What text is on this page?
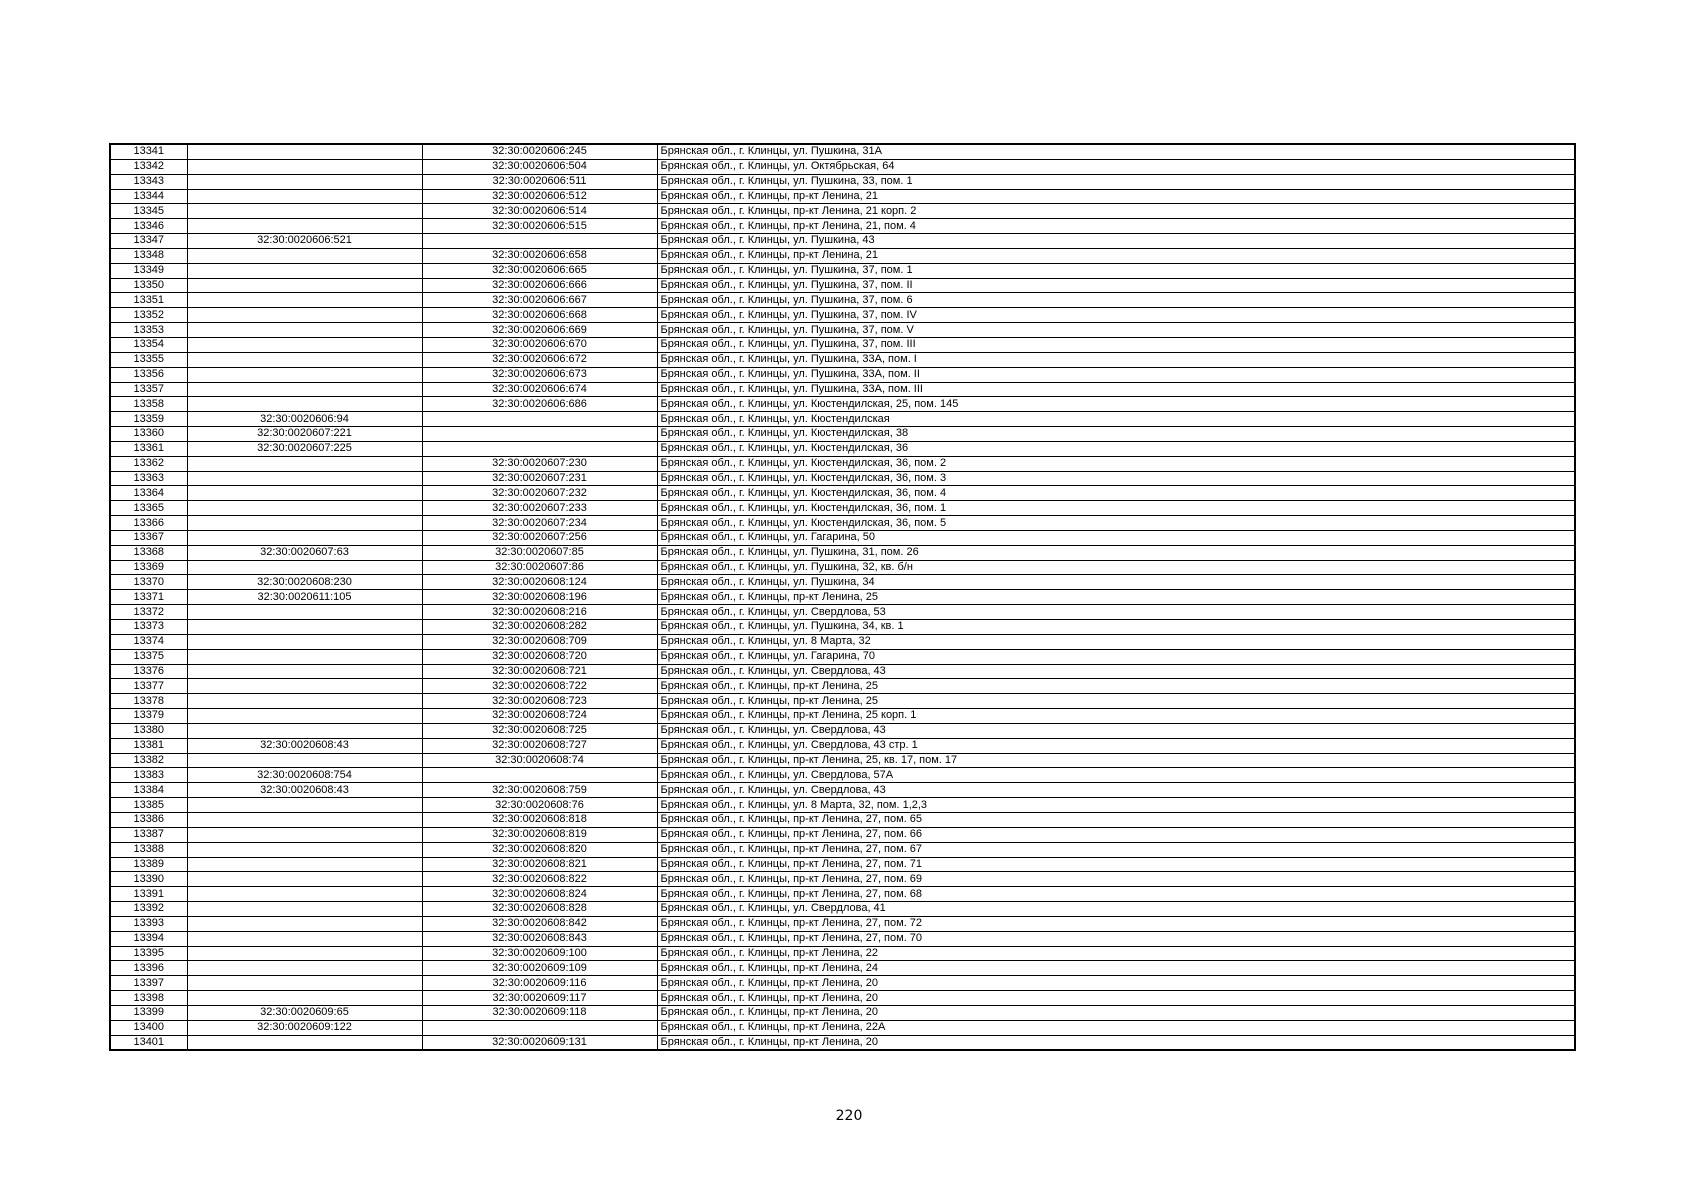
13341		32:30:0020606:245	Брянская обл., г. Клинцы, ул. Пушкина, 31А
13342		32:30:0020606:504	Брянская обл., г. Клинцы, ул. Октябрьская, 64
13343		32:30:0020606:511	Брянская обл., г. Клинцы, ул. Пушкина, 33, пом. 1
13344		32:30:0020606:512	Брянская обл., г. Клинцы, пр-кт Ленина, 21
13345		32:30:0020606:514	Брянская обл., г. Клинцы, пр-кт Ленина, 21 корп. 2
13346		32:30:0020606:515	Брянская обл., г. Клинцы, пр-кт Ленина, 21, пом. 4
13347	32:30:0020606:521		Брянская обл., г. Клинцы, ул. Пушкина, 43
13348		32:30:0020606:658	Брянская обл., г. Клинцы, пр-кт Ленина, 21
13349		32:30:0020606:665	Брянская обл., г. Клинцы, ул. Пушкина, 37, пом. 1
13350		32:30:0020606:666	Брянская обл., г. Клинцы, ул. Пушкина, 37, пом. II
13351		32:30:0020606:667	Брянская обл., г. Клинцы, ул. Пушкина, 37, пом. 6
13352		32:30:0020606:668	Брянская обл., г. Клинцы, ул. Пушкина, 37, пом. IV
13353		32:30:0020606:669	Брянская обл., г. Клинцы, ул. Пушкина, 37, пом. V
13354		32:30:0020606:670	Брянская обл., г. Клинцы, ул. Пушкина, 37, пом. III
13355		32:30:0020606:672	Брянская обл., г. Клинцы, ул. Пушкина, 33А, пом. I
13356		32:30:0020606:673	Брянская обл., г. Клинцы, ул. Пушкина, 33А, пом. II
13357		32:30:0020606:674	Брянская обл., г. Клинцы, ул. Пушкина, 33А, пом. III
13358		32:30:0020606:686	Брянская обл., г. Клинцы, ул. Кюстендилская, 25, пом. 145
13359	32:30:0020606:94		Брянская обл., г. Клинцы, ул. Кюстендилская
13360	32:30:0020607:221		Брянская обл., г. Клинцы, ул. Кюстендилская, 38
13361	32:30:0020607:225		Брянская обл., г. Клинцы, ул. Кюстендилская, 36
13362		32:30:0020607:230	Брянская обл., г. Клинцы, ул. Кюстендилская, 36, пом. 2
13363		32:30:0020607:231	Брянская обл., г. Клинцы, ул. Кюстендилская, 36, пом. 3
13364		32:30:0020607:232	Брянская обл., г. Клинцы, ул. Кюстендилская, 36, пом. 4
13365		32:30:0020607:233	Брянская обл., г. Клинцы, ул. Кюстендилская, 36, пом. 1
13366		32:30:0020607:234	Брянская обл., г. Клинцы, ул. Кюстендилская, 36, пом. 5
13367		32:30:0020607:256	Брянская обл., г. Клинцы, ул. Гагарина, 50
13368	32:30:0020607:63	32:30:0020607:85	Брянская обл., г. Клинцы, ул. Пушкина, 31, пом. 26
13369		32:30:0020607:86	Брянская обл., г. Клинцы, ул. Пушкина, 32, кв. б/н
13370	32:30:0020608:230	32:30:0020608:124	Брянская обл., г. Клинцы, ул. Пушкина, 34
13371	32:30:0020611:105	32:30:0020608:196	Брянская обл., г. Клинцы, пр-кт Ленина, 25
13372		32:30:0020608:216	Брянская обл., г. Клинцы, ул. Свердлова, 53
13373		32:30:0020608:282	Брянская обл., г. Клинцы, ул. Пушкина, 34, кв. 1
13374		32:30:0020608:709	Брянская обл., г. Клинцы, ул. 8 Марта, 32
13375		32:30:0020608:720	Брянская обл., г. Клинцы, ул. Гагарина, 70
13376		32:30:0020608:721	Брянская обл., г. Клинцы, ул. Свердлова, 43
13377		32:30:0020608:722	Брянская обл., г. Клинцы, пр-кт Ленина, 25
13378		32:30:0020608:723	Брянская обл., г. Клинцы, пр-кт Ленина, 25
13379		32:30:0020608:724	Брянская обл., г. Клинцы, пр-кт Ленина, 25 корп. 1
13380		32:30:0020608:725	Брянская обл., г. Клинцы, ул. Свердлова, 43
13381	32:30:0020608:43	32:30:0020608:727	Брянская обл., г. Клинцы, ул. Свердлова, 43 стр. 1
13382		32:30:0020608:74	Брянская обл., г. Клинцы, пр-кт Ленина, 25, кв. 17, пом. 17
13383	32:30:0020608:754		Брянская обл., г. Клинцы, ул. Свердлова, 57А
13384	32:30:0020608:43	32:30:0020608:759	Брянская обл., г. Клинцы, ул. Свердлова, 43
13385		32:30:0020608:76	Брянская обл., г. Клинцы, ул. 8 Марта, 32, пом. 1,2,3
13386		32:30:0020608:818	Брянская обл., г. Клинцы, пр-кт Ленина, 27, пом. 65
13387		32:30:0020608:819	Брянская обл., г. Клинцы, пр-кт Ленина, 27, пом. 66
13388		32:30:0020608:820	Брянская обл., г. Клинцы, пр-кт Ленина, 27, пом. 67
13389		32:30:0020608:821	Брянская обл., г. Клинцы, пр-кт Ленина, 27, пом. 71
13390		32:30:0020608:822	Брянская обл., г. Клинцы, пр-кт Ленина, 27, пом. 69
13391		32:30:0020608:824	Брянская обл., г. Клинцы, пр-кт Ленина, 27, пом. 68
13392		32:30:0020608:828	Брянская обл., г. Клинцы, ул. Свердлова, 41
13393		32:30:0020608:842	Брянская обл., г. Клинцы, пр-кт Ленина, 27, пом. 72
13394		32:30:0020608:843	Брянская обл., г. Клинцы, пр-кт Ленина, 27, пом. 70
13395		32:30:0020609:100	Брянская обл., г. Клинцы, пр-кт Ленина, 22
13396		32:30:0020609:109	Брянская обл., г. Клинцы, пр-кт Ленина, 24
13397		32:30:0020609:116	Брянская обл., г. Клинцы, пр-кт Ленина, 20
13398		32:30:0020609:117	Брянская обл., г. Клинцы, пр-кт Ленина, 20
13399	32:30:0020609:65	32:30:0020609:118	Брянская обл., г. Клинцы, пр-кт Ленина, 20
13400	32:30:0020609:122		Брянская обл., г. Клинцы, пр-кт Ленина, 22А
13401		32:30:0020609:131	Брянская обл., г. Клинцы, пр-кт Ленина, 20
220
